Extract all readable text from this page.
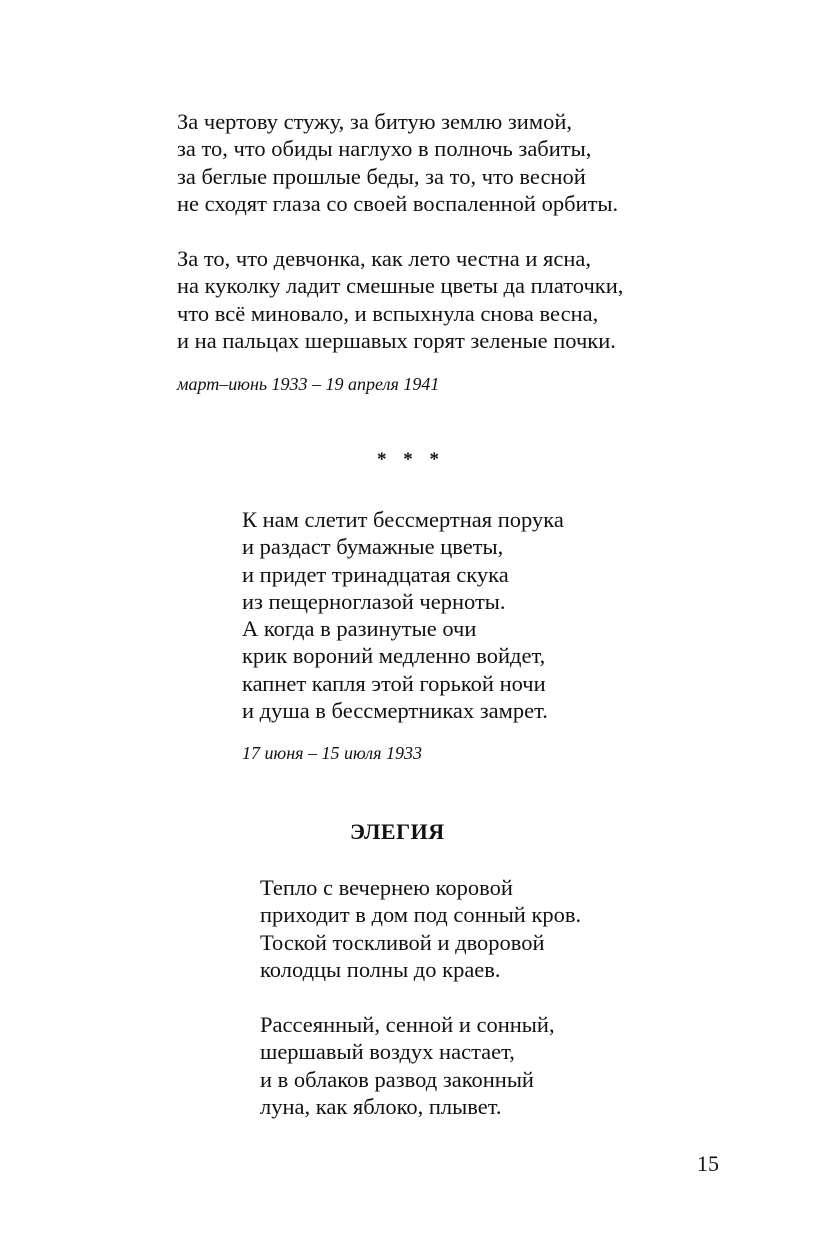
За чертову стужу, за битую землю зимой,
за то, что обиды наглухо в полночь забиты,
за беглые прошлые беды, за то, что весной
не сходят глаза со своей воспаленной орбиты.
За то, что девчонка, как лето честна и ясна,
на куколку ладит смешные цветы да платочки,
что всё миновало, и вспыхнула снова весна,
и на пальцах шершавых горят зеленые почки.
март–июнь 1933 – 19 апреля 1941
* * *
К нам слетит бессмертная порука
и раздаст бумажные цветы,
и придет тринадцатая скука
из пещерноглазой черноты.
А когда в разинутые очи
крик вороний медленно войдет,
капнет капля этой горькой ночи
и душа в бессмертниках замрет.
17 июня – 15 июля 1933
ЭЛЕГИЯ
Тепло с вечернею коровой
приходит в дом под сонный кров.
Тоской тоскливой и дворовой
колодцы полны до краев.
Рассеянный, сенной и сонный,
шершавый воздух настает,
и в облаков развод законный
луна, как яблоко, плывет.
15
